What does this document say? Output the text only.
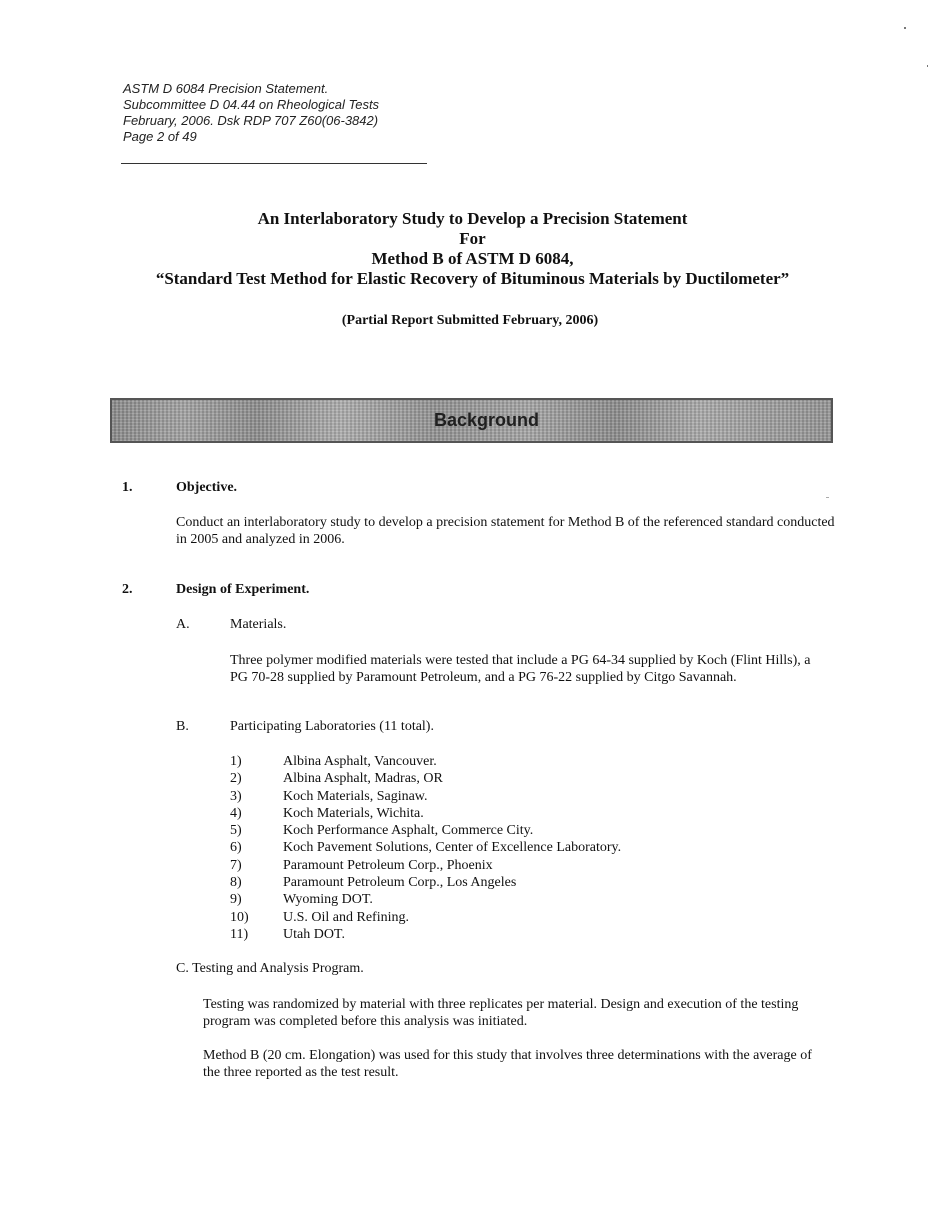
ASTM D 6084 Precision Statement.
Subcommittee D 04.44 on Rheological Tests
February, 2006. Dsk RDP 707 Z60(06-3842)
Page 2 of 49
An Interlaboratory Study to Develop a Precision Statement
For
Method B of ASTM D 6084,
“Standard Test Method for Elastic Recovery of Bituminous Materials by Ductilometer”
(Partial Report Submitted February, 2006)
Background
1.	Objective.
Conduct an interlaboratory study to develop a precision statement for Method B of the referenced standard conducted in 2005 and analyzed in 2006.
2.	Design of Experiment.
A.	Materials.
Three polymer modified materials were tested that include a PG 64-34 supplied by Koch (Flint Hills), a PG 70-28 supplied by Paramount Petroleum, and a PG 76-22 supplied by Citgo Savannah.
B.	Participating Laboratories (11 total).
1)	Albina Asphalt, Vancouver.
2)	Albina Asphalt, Madras, OR
3)	Koch Materials, Saginaw.
4)	Koch Materials, Wichita.
5)	Koch Performance Asphalt, Commerce City.
6)	Koch Pavement Solutions, Center of Excellence Laboratory.
7)	Paramount Petroleum Corp., Phoenix
8)	Paramount Petroleum Corp., Los Angeles
9)	Wyoming DOT.
10)	U.S. Oil and Refining.
11)	Utah DOT.
C. Testing and Analysis Program.
Testing was randomized by material with three replicates per material. Design and execution of the testing program was completed before this analysis was initiated.
Method B (20 cm. Elongation) was used for this study that involves three determinations with the average of the three reported as the test result.
